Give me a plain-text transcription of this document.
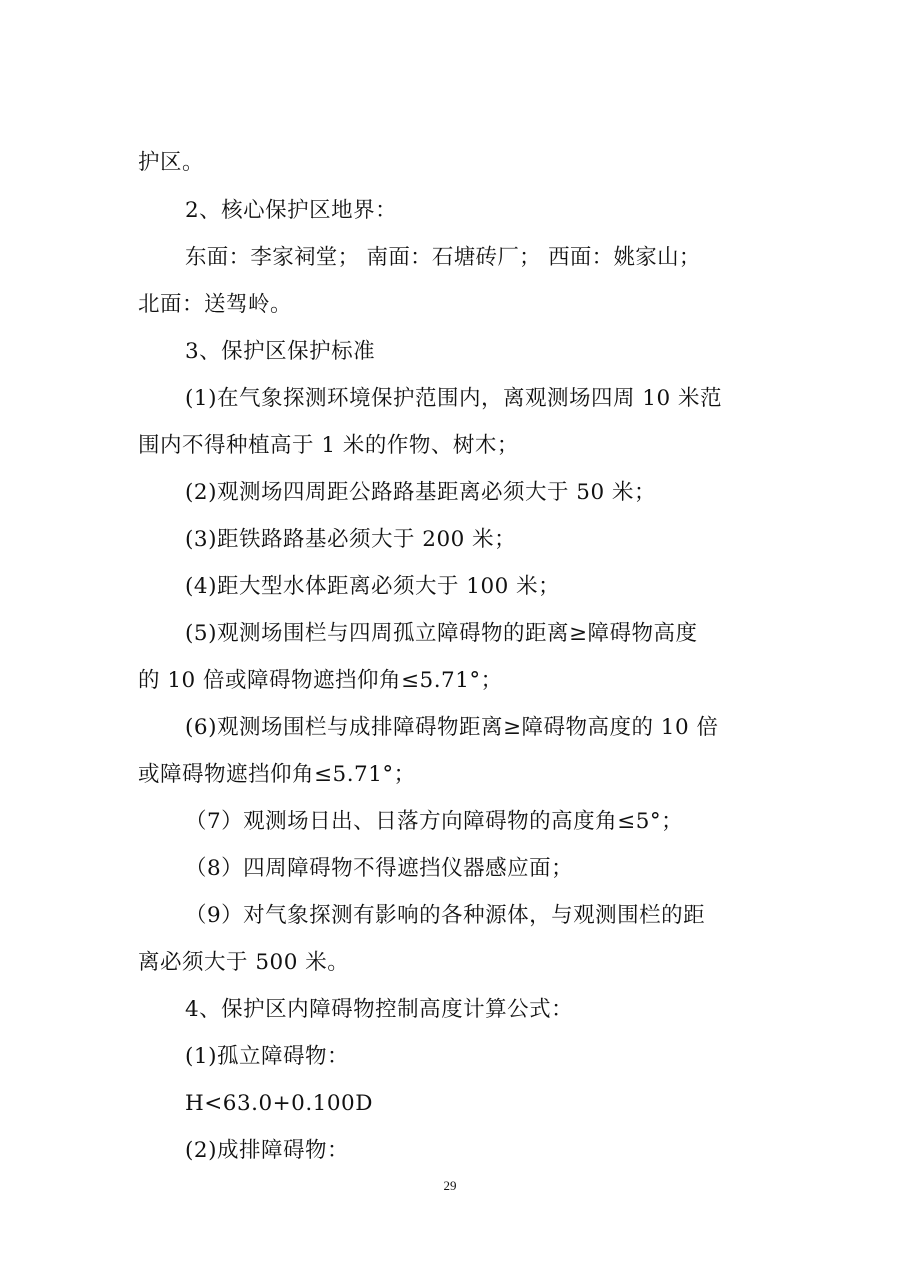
护区。
2、核心保护区地界：
东面：李家祠堂； 南面：石塘砖厂； 西面：姚家山；
北面：送驾岭。
3、保护区保护标准
(1)在气象探测环境保护范围内，离观测场四周 10 米范
围内不得种植高于 1 米的作物、树木；
(2)观测场四周距公路路基距离必须大于 50 米；
(3)距铁路路基必须大于 200 米；
(4)距大型水体距离必须大于 100 米；
(5)观测场围栏与四周孤立障碍物的距离≥障碍物高度
的 10 倍或障碍物遮挡仰角≤5.71°；
(6)观测场围栏与成排障碍物距离≥障碍物高度的 10 倍
或障碍物遮挡仰角≤5.71°；
（7）观测场日出、日落方向障碍物的高度角≤5°；
（8）四周障碍物不得遮挡仪器感应面；
（9）对气象探测有影响的各种源体，与观测围栏的距
离必须大于 500 米。
4、保护区内障碍物控制高度计算公式：
(1)孤立障碍物：
H<63.0+0.100D
(2)成排障碍物：
29
